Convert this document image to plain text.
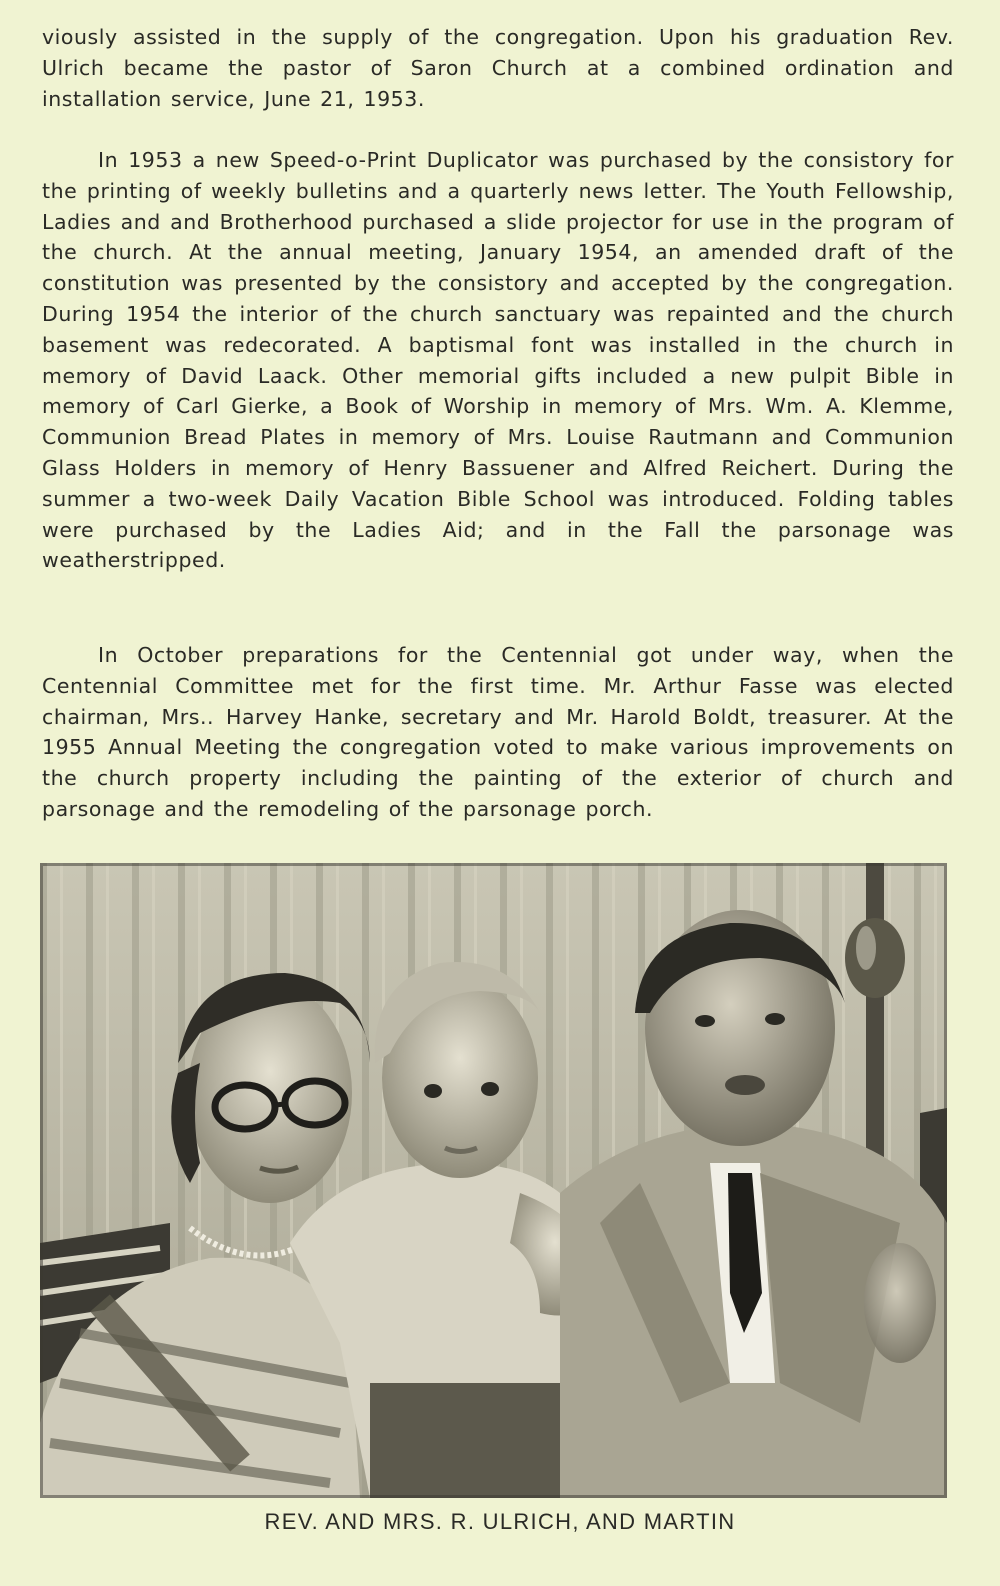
viously assisted in the supply of the congregation. Upon his graduation Rev. Ulrich became the pastor of Saron Church at a combined ordination and installation service, June 21, 1953.

In 1953 a new Speed-o-Print Duplicator was purchased by the consistory for the printing of weekly bulletins and a quarterly news letter. The Youth Fellowship, Ladies and and Brotherhood purchased a slide projector for use in the program of the church. At the annual meeting, January 1954, an amended draft of the constitution was presented by the consistory and accepted by the congregation. During 1954 the interior of the church sanctuary was repainted and the church basement was redecorated. A baptismal font was installed in the church in memory of David Laack. Other memorial gifts included a new pulpit Bible in memory of Carl Gierke, a Book of Worship in memory of Mrs. Wm. A. Klemme, Communion Bread Plates in memory of Mrs. Louise Rautmann and Communion Glass Holders in memory of Henry Bassuener and Alfred Reichert. During the summer a two-week Daily Vacation Bible School was introduced. Folding tables were purchased by the Ladies Aid; and in the Fall the parsonage was weatherstripped.

In October preparations for the Centennial got under way, when the Centennial Committee met for the first time. Mr. Arthur Fasse was elected chairman, Mrs.. Harvey Hanke, secretary and Mr. Harold Boldt, treasurer. At the 1955 Annual Meeting the congregation voted to make various improvements on the church property including the painting of the exterior of church and parsonage and the remodeling of the parsonage porch.

REV. AND MRS. R. ULRICH, AND MARTIN
